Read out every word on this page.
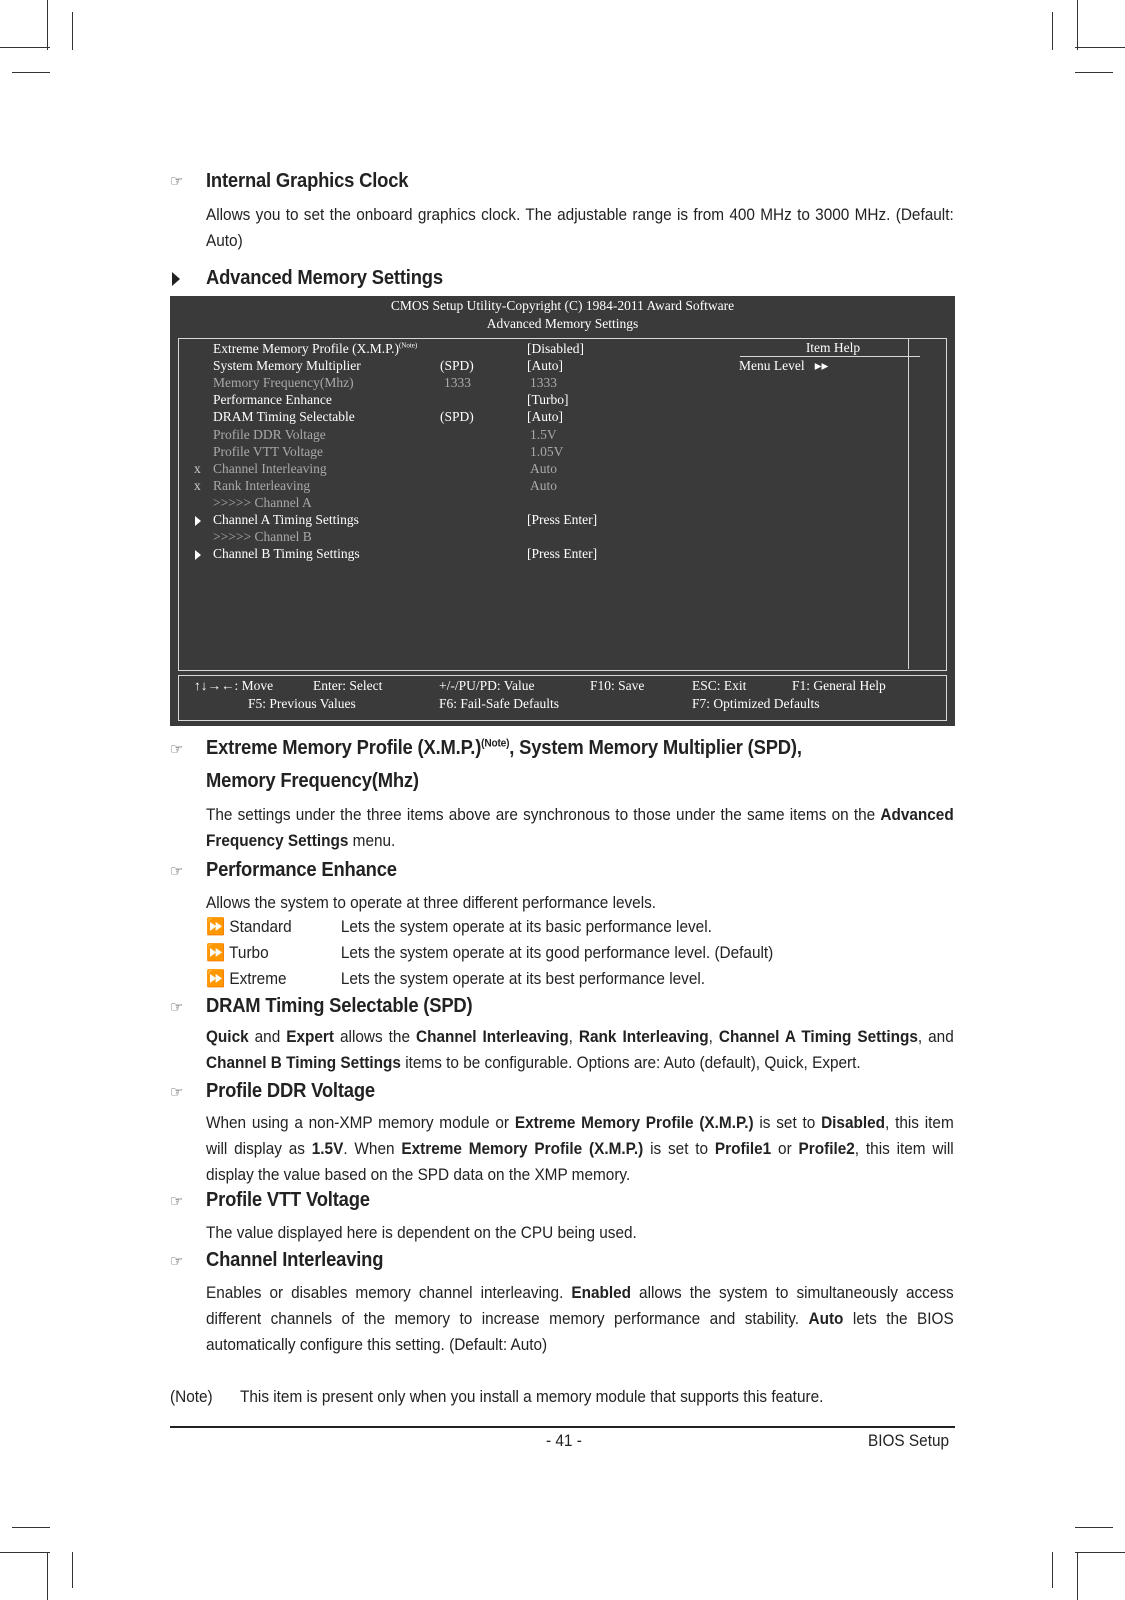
☞ Internal Graphics Clock
Allows you to set the onboard graphics clock. The adjustable range is from 400 MHz to 3000 MHz. (Default: Auto)
Advanced Memory Settings
CMOS Setup Utility-Copyright (C) 1984-2011 Award Software
Advanced Memory Settings
Item Help
Menu Level ▸▸
Extreme Memory Profile $(X.M.P.)^{(Note)}$	[Disabled]
System Memory Multiplier	(SPD)	[Auto]
Memory Frequency(Mhz)	1333	1333
Performance Enhance	[Turbo]
DRAM Timing Selectable	(SPD)	[Auto]
Profile DDR Voltage	1.5V
Profile VTT Voltage	1.05V
x Channel Interleaving	Auto
x Rank Interleaving	Auto
>>>>> Channel A
Channel A Timing Settings	[Press Enter]
>>>>> Channel B
Channel B Timing Settings	[Press Enter]
↑↓→←: Move	Enter: Select	+/-/PU/PD: Value	F10: Save	ESC: Exit	F1: General Help
F5: Previous Values	F6: Fail-Safe Defaults	F7: Optimized Defaults
☞ Extreme Memory Profile $(X.M.P.)^{(Note)}$, System Memory Multiplier (SPD),
Memory Frequency(Mhz)
The settings under the three items above are synchronous to those under the same items on the Advanced Frequency Settings menu.
☞ Performance Enhance
Allows the system to operate at three different performance levels.
⏩ Standard	Lets the system operate at its basic performance level.
⏩ Turbo	Lets the system operate at its good performance level. (Default)
⏩ Extreme	Lets the system operate at its best performance level.
☞ DRAM Timing Selectable (SPD)
Quick and Expert allows the Channel Interleaving, Rank Interleaving, Channel A Timing Settings, and Channel B Timing Settings items to be configurable. Options are: Auto (default), Quick, Expert.
☞ Profile DDR Voltage
When using a non-XMP memory module or Extreme Memory Profile (X.M.P.) is set to Disabled, this item will display as 1.5V. When Extreme Memory Profile (X.M.P.) is set to Profile1 or Profile2, this item will display the value based on the SPD data on the XMP memory.
☞ Profile VTT Voltage
The value displayed here is dependent on the CPU being used.
☞ Channel Interleaving
Enables or disables memory channel interleaving. Enabled allows the system to simultaneously access different channels of the memory to increase memory performance and stability. Auto lets the BIOS automatically configure this setting. (Default: Auto)
(Note) This item is present only when you install a memory module that supports this feature.
- 41 -	BIOS Setup
